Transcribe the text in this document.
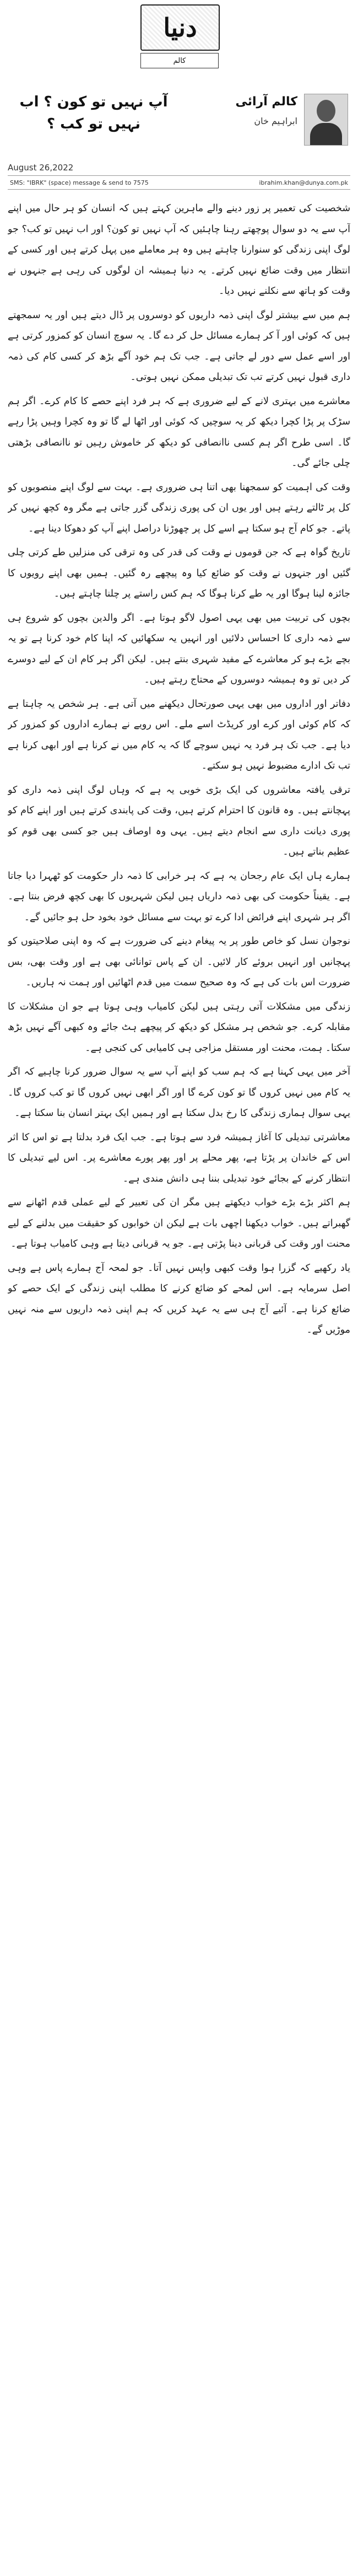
دنیا
کالم
آپ نہیں تو کون ؟ اب نہیں تو کب ؟
کالم آرائی
ابراہیم خان
August 26,2022
SMS: "IBRK" (space) message & send to 7575	ibrahim.khan@dunya.com.pk

شخصیت کی تعمیر پر زور دینے والے ماہرین کہتے ہیں کہ انسان کو ہر حال میں اپنے آپ سے یہ دو سوال پوچھتے رہنا چاہئیں کہ آپ نہیں تو کون؟ اور اب نہیں تو کب؟ جو لوگ اپنی زندگی کو سنوارنا چاہتے ہیں وہ ہر معاملے میں پہل کرتے ہیں اور کسی کے انتظار میں وقت ضائع نہیں کرتے۔ یہ دنیا ہمیشہ ان لوگوں کی رہی ہے جنہوں نے وقت کو ہاتھ سے نکلنے نہیں دیا۔

ہم میں سے بیشتر لوگ اپنی ذمہ داریوں کو دوسروں پر ڈال دیتے ہیں اور یہ سمجھتے ہیں کہ کوئی اور آ کر ہمارے مسائل حل کر دے گا۔ یہ سوچ انسان کو کمزور کرتی ہے اور اسے عمل سے دور لے جاتی ہے۔ جب تک ہم خود آگے بڑھ کر کسی کام کی ذمہ داری قبول نہیں کرتے تب تک تبدیلی ممکن نہیں ہوتی۔

معاشرے میں بہتری لانے کے لیے ضروری ہے کہ ہر فرد اپنے حصے کا کام کرے۔ اگر ہم سڑک پر پڑا کچرا دیکھ کر یہ سوچیں کہ کوئی اور اٹھا لے گا تو وہ کچرا وہیں پڑا رہے گا۔ اسی طرح اگر ہم کسی ناانصافی کو دیکھ کر خاموش رہیں تو ناانصافی بڑھتی چلی جائے گی۔

وقت کی اہمیت کو سمجھنا بھی اتنا ہی ضروری ہے۔ بہت سے لوگ اپنے منصوبوں کو کل پر ٹالتے رہتے ہیں اور یوں ان کی پوری زندگی گزر جاتی ہے مگر وہ کچھ نہیں کر پاتے۔ جو کام آج ہو سکتا ہے اسے کل پر چھوڑنا دراصل اپنے آپ کو دھوکا دینا ہے۔

تاریخ گواہ ہے کہ جن قوموں نے وقت کی قدر کی وہ ترقی کی منزلیں طے کرتی چلی گئیں اور جنہوں نے وقت کو ضائع کیا وہ پیچھے رہ گئیں۔ ہمیں بھی اپنے رویوں کا جائزہ لینا ہوگا اور یہ طے کرنا ہوگا کہ ہم کس راستے پر چلنا چاہتے ہیں۔

بچوں کی تربیت میں بھی یہی اصول لاگو ہوتا ہے۔ اگر والدین بچوں کو شروع ہی سے ذمہ داری کا احساس دلائیں اور انہیں یہ سکھائیں کہ اپنا کام خود کرنا ہے تو یہ بچے بڑے ہو کر معاشرے کے مفید شہری بنتے ہیں۔ لیکن اگر ہر کام ان کے لیے دوسرے کر دیں تو وہ ہمیشہ دوسروں کے محتاج رہتے ہیں۔

دفاتر اور اداروں میں بھی یہی صورتحال دیکھنے میں آتی ہے۔ ہر شخص یہ چاہتا ہے کہ کام کوئی اور کرے اور کریڈٹ اسے ملے۔ اس رویے نے ہمارے اداروں کو کمزور کر دیا ہے۔ جب تک ہر فرد یہ نہیں سوچے گا کہ یہ کام میں نے کرنا ہے اور ابھی کرنا ہے تب تک ادارے مضبوط نہیں ہو سکتے۔

ترقی یافتہ معاشروں کی ایک بڑی خوبی یہ ہے کہ وہاں لوگ اپنی ذمہ داری کو پہچانتے ہیں۔ وہ قانون کا احترام کرتے ہیں، وقت کی پابندی کرتے ہیں اور اپنے کام کو پوری دیانت داری سے انجام دیتے ہیں۔ یہی وہ اوصاف ہیں جو کسی بھی قوم کو عظیم بناتے ہیں۔

ہمارے ہاں ایک عام رجحان یہ ہے کہ ہر خرابی کا ذمہ دار حکومت کو ٹھہرا دیا جاتا ہے۔ یقیناً حکومت کی بھی ذمہ داریاں ہیں لیکن شہریوں کا بھی کچھ فرض بنتا ہے۔ اگر ہر شہری اپنے فرائض ادا کرے تو بہت سے مسائل خود بخود حل ہو جائیں گے۔

نوجوان نسل کو خاص طور پر یہ پیغام دینے کی ضرورت ہے کہ وہ اپنی صلاحیتوں کو پہچانیں اور انہیں بروئے کار لائیں۔ ان کے پاس توانائی بھی ہے اور وقت بھی، بس ضرورت اس بات کی ہے کہ وہ صحیح سمت میں قدم اٹھائیں اور ہمت نہ ہاریں۔

زندگی میں مشکلات آتی رہتی ہیں لیکن کامیاب وہی ہوتا ہے جو ان مشکلات کا مقابلہ کرے۔ جو شخص ہر مشکل کو دیکھ کر پیچھے ہٹ جائے وہ کبھی آگے نہیں بڑھ سکتا۔ ہمت، محنت اور مستقل مزاجی ہی کامیابی کی کنجی ہے۔

آخر میں یہی کہنا ہے کہ ہم سب کو اپنے آپ سے یہ سوال ضرور کرنا چاہیے کہ اگر یہ کام میں نہیں کروں گا تو کون کرے گا اور اگر ابھی نہیں کروں گا تو کب کروں گا۔ یہی سوال ہماری زندگی کا رخ بدل سکتا ہے اور ہمیں ایک بہتر انسان بنا سکتا ہے۔

معاشرتی تبدیلی کا آغاز ہمیشہ فرد سے ہوتا ہے۔ جب ایک فرد بدلتا ہے تو اس کا اثر اس کے خاندان پر پڑتا ہے، پھر محلے پر اور پھر پورے معاشرے پر۔ اس لیے تبدیلی کا انتظار کرنے کے بجائے خود تبدیلی بننا ہی دانش مندی ہے۔

ہم اکثر بڑے بڑے خواب دیکھتے ہیں مگر ان کی تعبیر کے لیے عملی قدم اٹھانے سے گھبراتے ہیں۔ خواب دیکھنا اچھی بات ہے لیکن ان خوابوں کو حقیقت میں بدلنے کے لیے محنت اور وقت کی قربانی دینا پڑتی ہے۔ جو یہ قربانی دیتا ہے وہی کامیاب ہوتا ہے۔

یاد رکھیے کہ گزرا ہوا وقت کبھی واپس نہیں آتا۔ جو لمحہ آج ہمارے پاس ہے وہی اصل سرمایہ ہے۔ اس لمحے کو ضائع کرنے کا مطلب اپنی زندگی کے ایک حصے کو ضائع کرنا ہے۔ آئیے آج ہی سے یہ عہد کریں کہ ہم اپنی ذمہ داریوں سے منہ نہیں موڑیں گے۔
